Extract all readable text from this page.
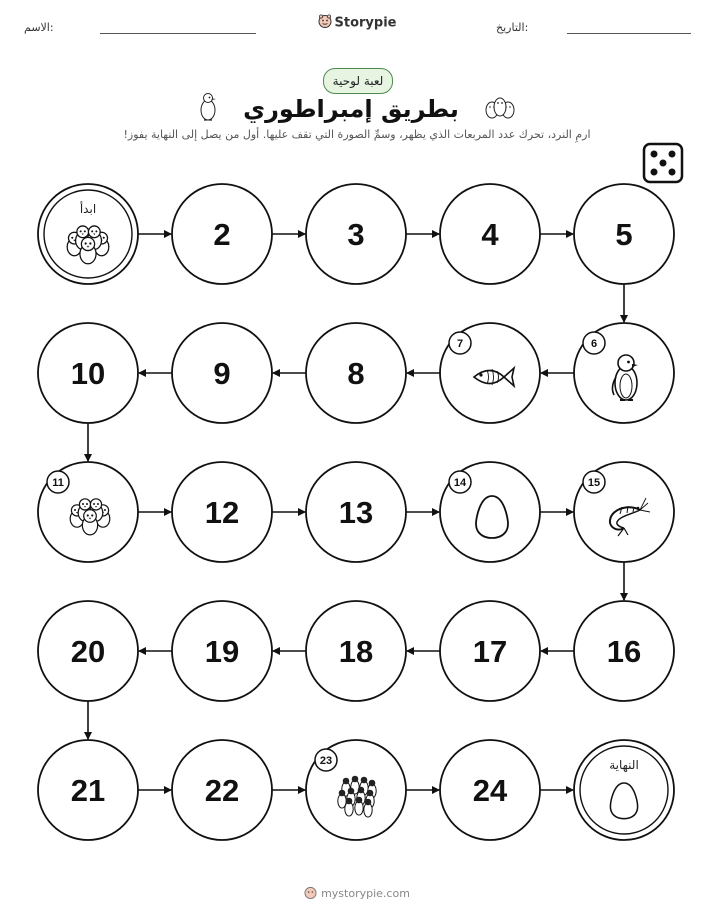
الاسم:	التاريخ:
Storypie
لعبة لوحية
بطريق إمبراطوري
ارمِ النرد، تحرك عدد المربعات الذي يظهر، وسمِّ الصورة التي تقف عليها. أول من يصل إلى النهاية يفوز!
ابدأ
2	3	4	5
6
7
8
9
10
11
12	13
14	15
16
17
18
19
20
21	22
23
24
النهاية
mystorypie.com
